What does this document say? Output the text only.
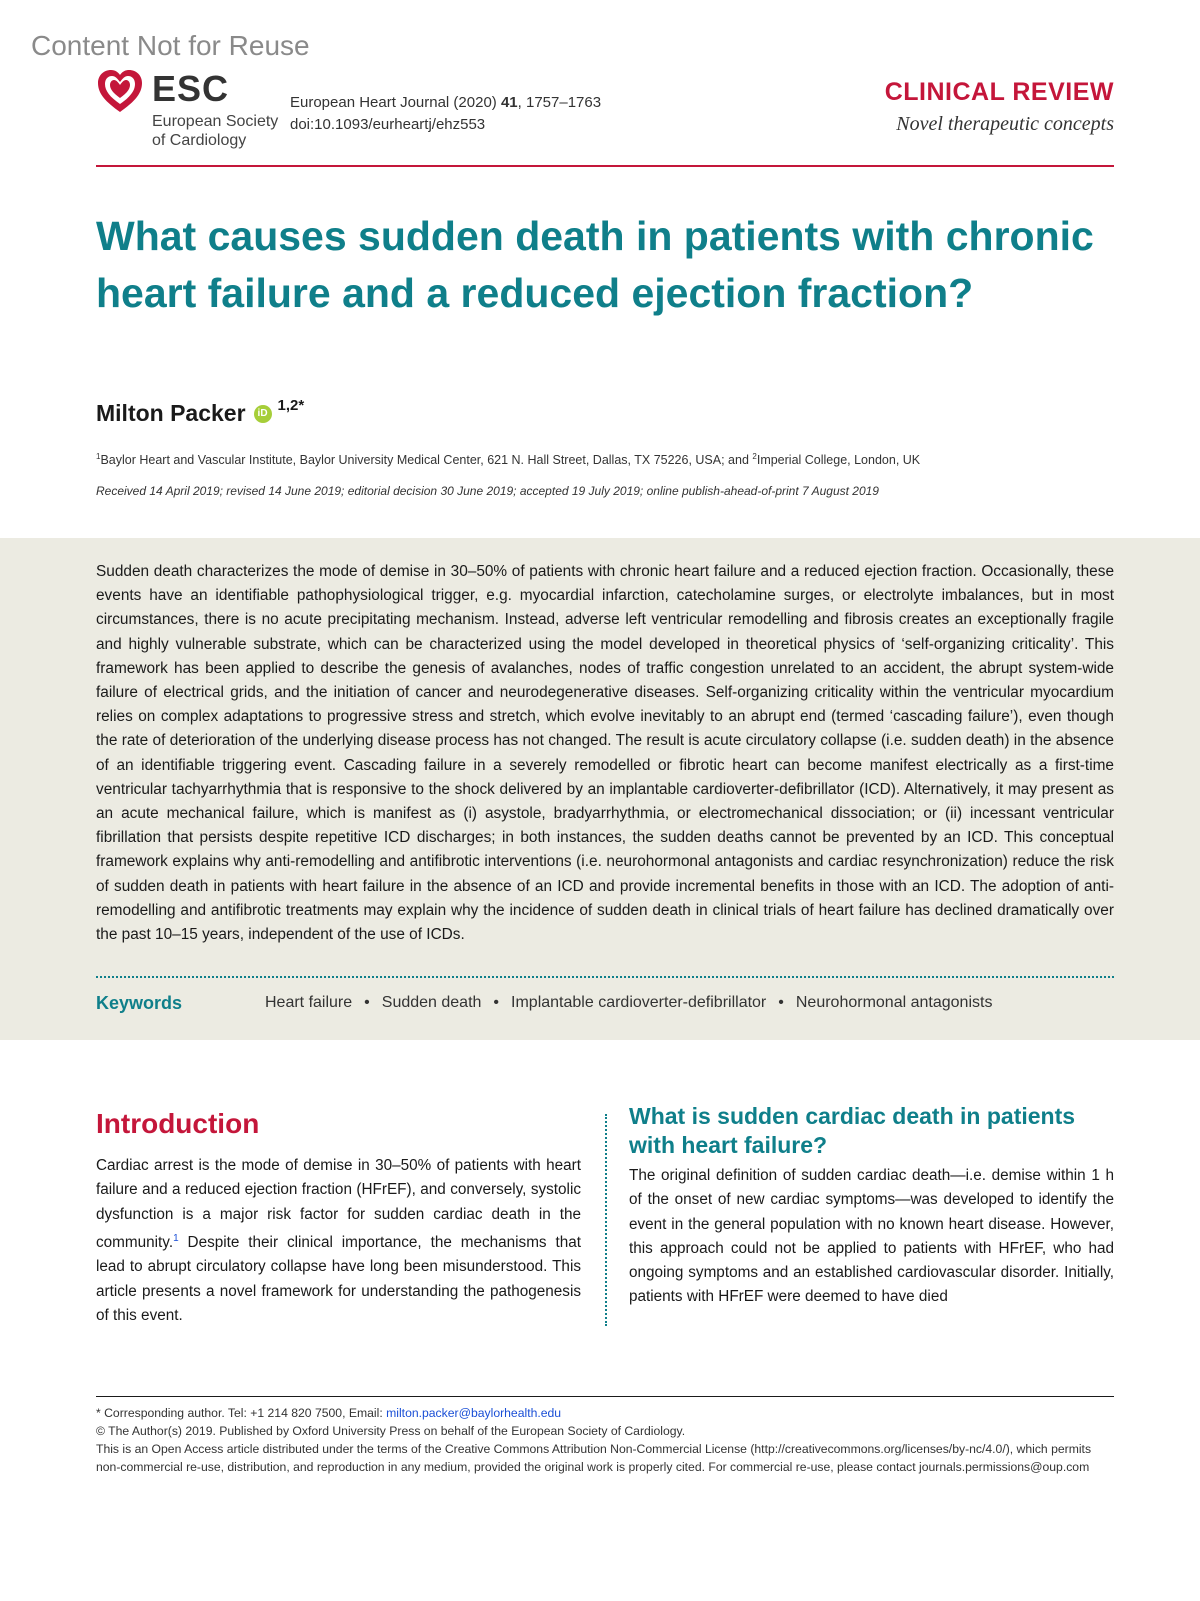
Content Not for Reuse
ESC
European Society
of Cardiology
European Heart Journal (2020) 41, 1757–1763
doi:10.1093/eurheartj/ehz553
CLINICAL REVIEW
Novel therapeutic concepts
What causes sudden death in patients with chronic heart failure and a reduced ejection fraction?
Milton Packer	iD $^{1,2*}$
$^1$Baylor Heart and Vascular Institute, Baylor University Medical Center, 621 N. Hall Street, Dallas, TX 75226, USA; and $^2$Imperial College, London, UK
Received 14 April 2019; revised 14 June 2019; editorial decision 30 June 2019; accepted 19 July 2019; online publish-ahead-of-print 7 August 2019

Sudden death characterizes the mode of demise in 30–50% of patients with chronic heart failure and a reduced ejection fraction. Occasionally, these events have an identifiable pathophysiological trigger, e.g. myocardial infarction, catecholamine surges, or electrolyte imbalances, but in most circumstances, there is no acute precipitating mechanism. Instead, adverse left ventricular remodelling and fibrosis creates an exceptionally fragile and highly vulnerable substrate, which can be characterized using the model developed in theoretical physics of ‘self-organizing criticality’. This framework has been applied to describe the genesis of avalanches, nodes of traffic congestion unrelated to an accident, the abrupt system-wide failure of electrical grids, and the initiation of cancer and neurodegenerative diseases. Self-organizing criticality within the ventricular myocardium relies on complex adaptations to progressive stress and stretch, which evolve inevitably to an abrupt end (termed ‘cascading failure’), even though the rate of deterioration of the underlying disease process has not changed. The result is acute circulatory collapse (i.e. sudden death) in the absence of an identifiable triggering event. Cascading failure in a severely remodelled or fibrotic heart can become manifest electrically as a first-time ventricular tachyarrhythmia that is responsive to the shock delivered by an implantable cardioverter-defibrillator (ICD). Alternatively, it may present as an acute mechanical failure, which is manifest as (i) asystole, bradyarrhythmia, or electromechanical dissociation; or (ii) incessant ventricular fibrillation that persists despite repetitive ICD discharges; in both instances, the sudden deaths cannot be prevented by an ICD. This conceptual framework explains why anti-remodelling and antifibrotic interventions (i.e. neurohormonal antagonists and cardiac resynchronization) reduce the risk of sudden death in patients with heart failure in the absence of an ICD and provide incremental benefits in those with an ICD. The adoption of anti-remodelling and antifibrotic treatments may explain why the incidence of sudden death in clinical trials of heart failure has declined dramatically over the past 10–15 years, independent of the use of ICDs.

Keywords	Heart failure • Sudden death • Implantable cardioverter-defibrillator • Neurohormonal antagonists
Introduction

Cardiac arrest is the mode of demise in 30–50% of patients with heart failure and a reduced ejection fraction (HFrEF), and conversely, systolic dysfunction is a major risk factor for sudden cardiac death in the community.$^1$ Despite their clinical importance, the mechanisms that lead to abrupt circulatory collapse have long been misunderstood. This article presents a novel framework for understanding the pathogenesis of this event.

What is sudden cardiac death in patients with heart failure?

The original definition of sudden cardiac death—i.e. demise within 1 h of the onset of new cardiac symptoms—was developed to identify the event in the general population with no known heart disease. However, this approach could not be applied to patients with HFrEF, who had ongoing symptoms and an established cardiovascular disorder. Initially, patients with HFrEF were deemed to have died

* Corresponding author. Tel: +1 214 820 7500, Email: milton.packer@baylorhealth.edu
© The Author(s) 2019. Published by Oxford University Press on behalf of the European Society of Cardiology.
This is an Open Access article distributed under the terms of the Creative Commons Attribution Non-Commercial License (http://creativecommons.org/licenses/by-nc/4.0/), which permits non-commercial re-use, distribution, and reproduction in any medium, provided the original work is properly cited. For commercial re-use, please contact journals.permissions@oup.com
